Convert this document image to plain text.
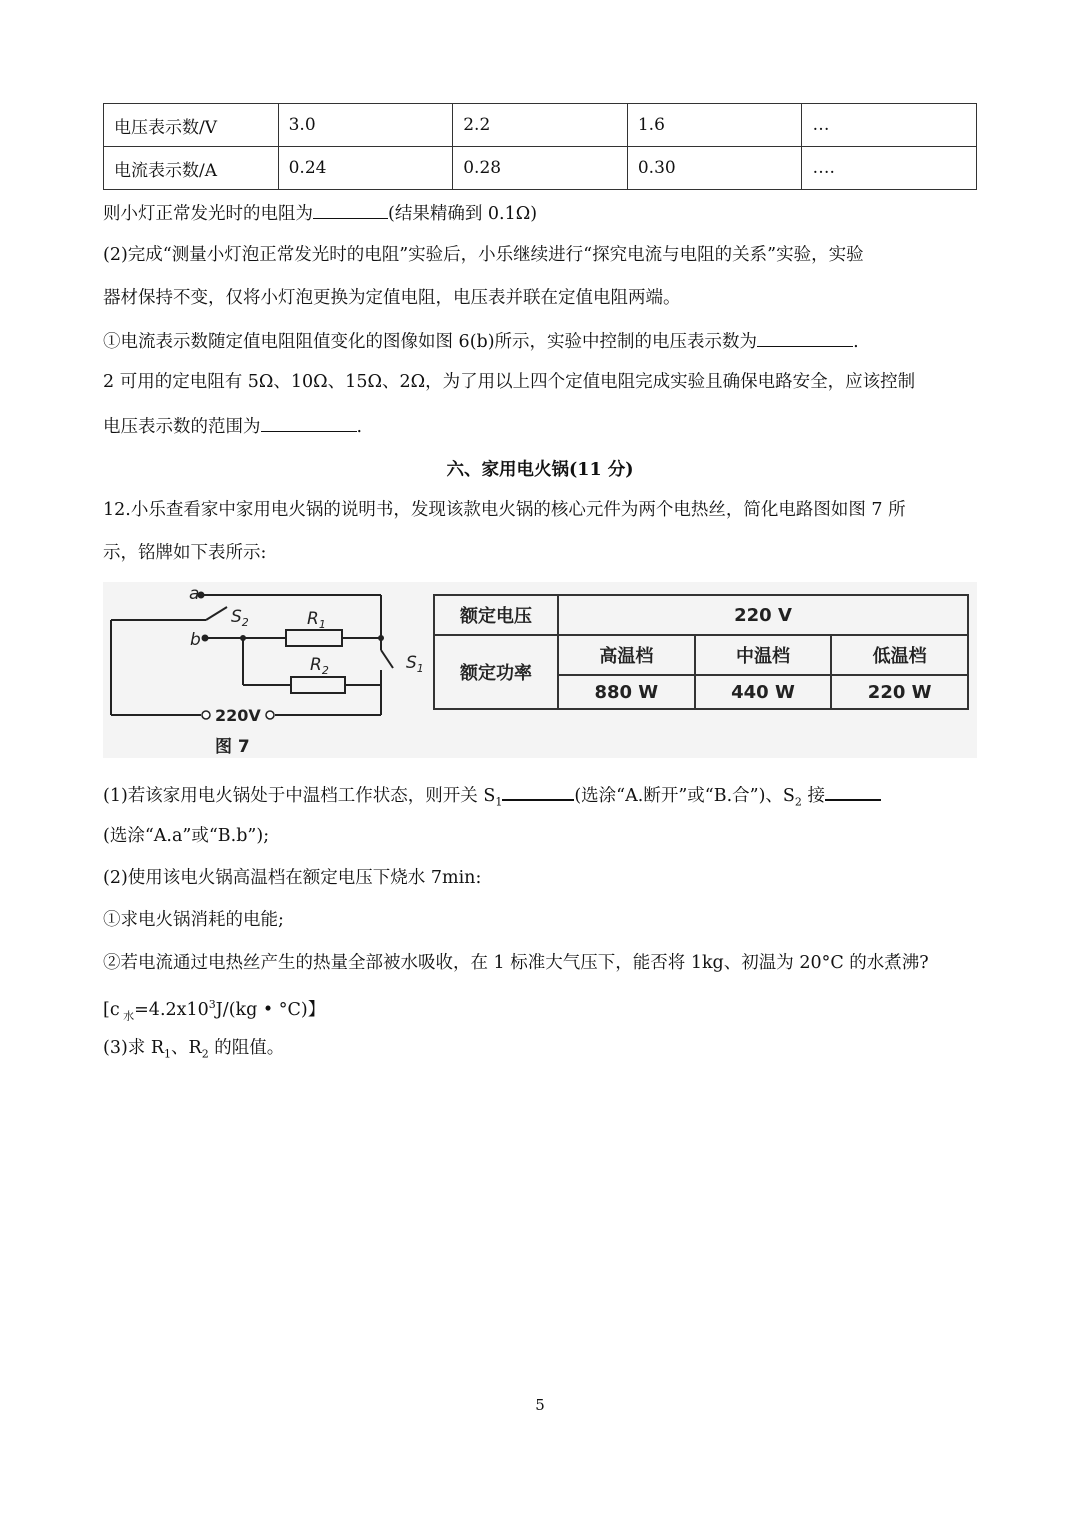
电压表示数/V	3.0	2.2	1.6	…
电流表示数/A	0.24	0.28	0.30	….
则小灯正常发光时的电阻为	(结果精确到 0.1Ω)
(2)完成“测量小灯泡正常发光时的电阻”实验后，小乐继续进行“探究电流与电阻的关系”实验，实验
器材保持不变，仅将小灯泡更换为定值电阻，电压表并联在定值电阻两端。
①电流表示数随定值电阻阻值变化的图像如图 6(b)所示，实验中控制的电压表示数为	.
2 可用的定电阻有 5Ω、10Ω、15Ω、2Ω，为了用以上四个定值电阻完成实验且确保电路安全，应该控制
电压表示数的范围为	.
六、家用电火锅(11 分)
12.小乐查看家中家用电火锅的说明书，发现该款电火锅的核心元件为两个电热丝，简化电路图如图 7 所
示，铭牌如下表所示:
a
b
$S_2$	$R_1$
$R_2$	$S_1$
220V
图 7
额定电压	220 V		
额定功率	高温档	中温档	低温档
	880 W	440 W	220 W
(1)若该家用电火锅处于中温档工作状态，则开关 $S_1$	(选涂“A.断开”或“B.合”)、$S_2$ 接
(选涂“A.a”或“B.b”);
(2)使用该电火锅高温档在额定电压下烧水 7min:
①求电火锅消耗的电能;
②若电流通过电热丝产生的热量全部被水吸收，在 1 标准大气压下，能否将 1kg、初温为 20°C 的水煮沸?
[c $_水=4.2x10^3J/(kg$ • °C)】
(3)求 $R_1$、$R_2$ 的阻值。
5
